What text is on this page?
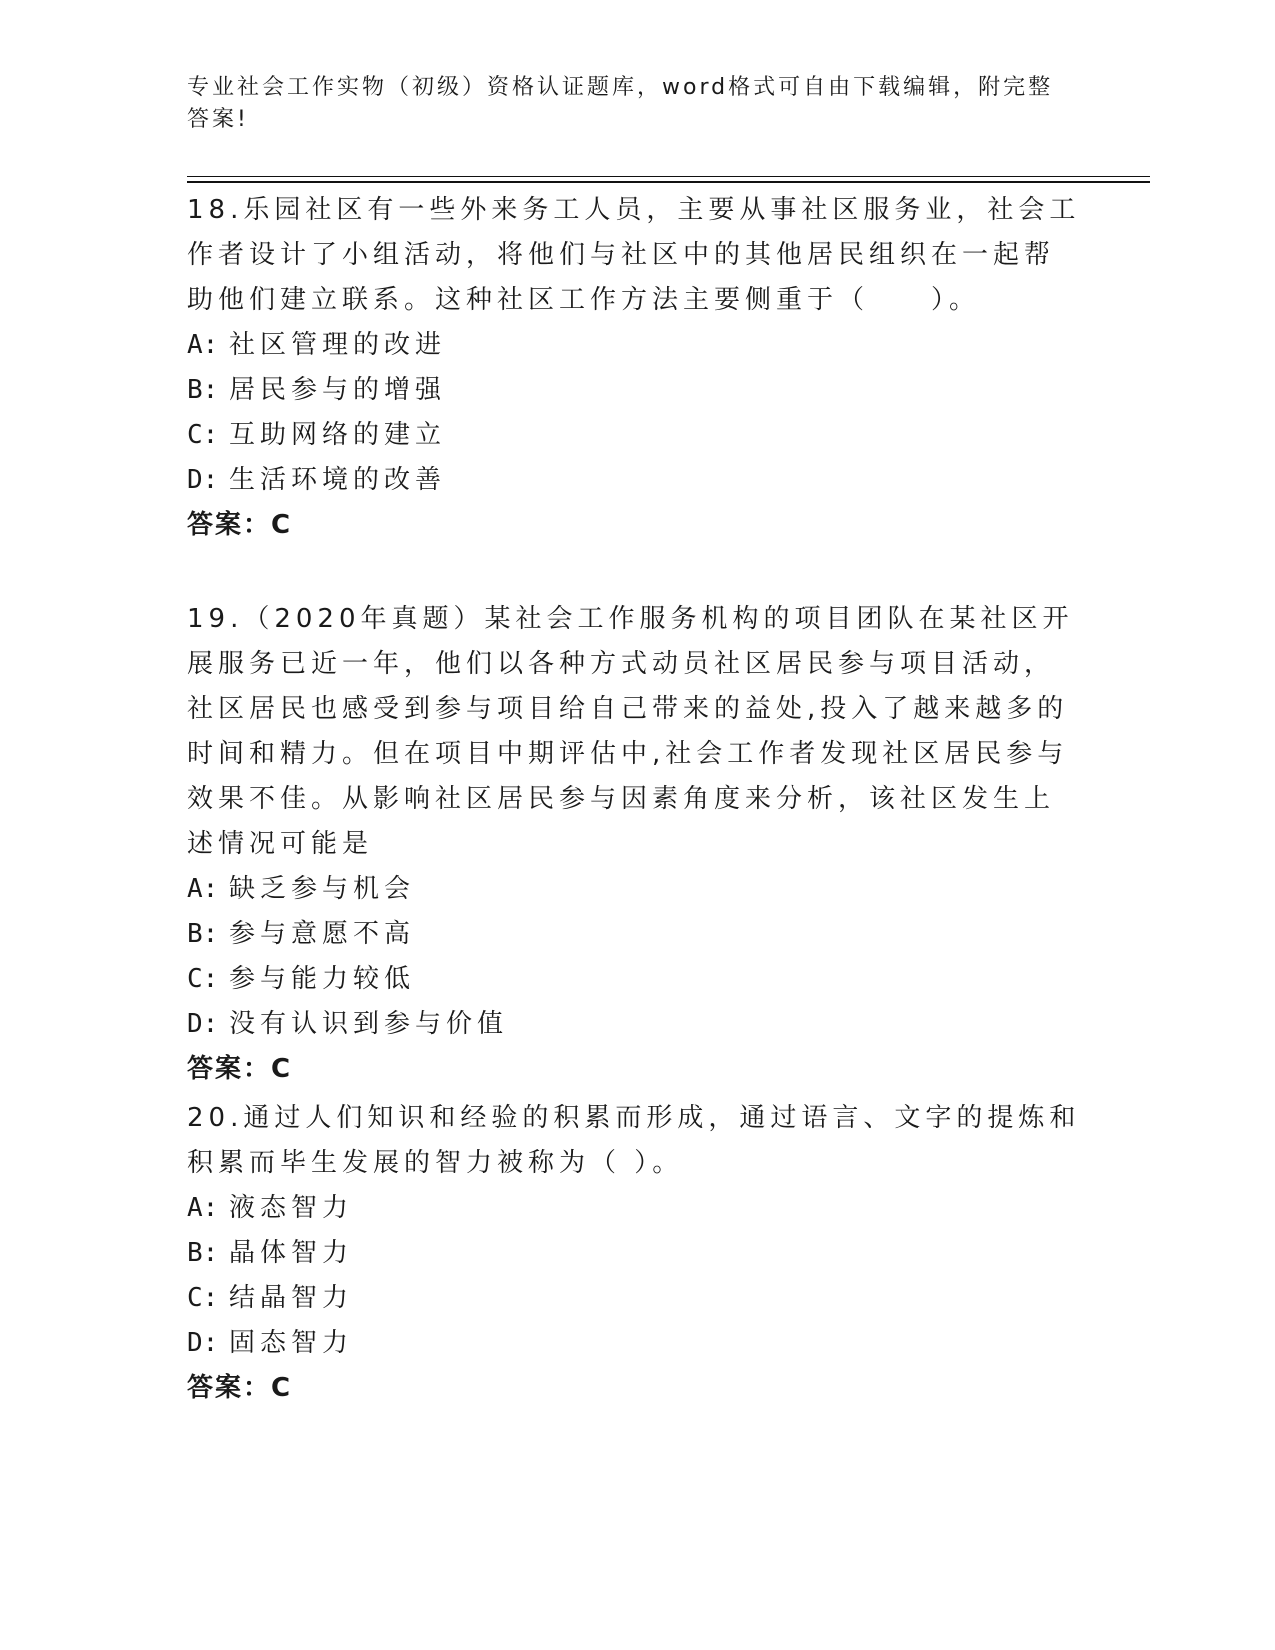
专业社会工作实物（初级）资格认证题库，word格式可自由下载编辑，附完整答案!

18.乐园社区有一些外来务工人员，主要从事社区服务业，社会工作者设计了小组活动，将他们与社区中的其他居民组织在一起帮助他们建立联系。这种社区工作方法主要侧重于（　　）。

A: 社区管理的改进
B: 居民参与的增强
C: 互助网络的建立
D: 生活环境的改善
答案：C

19.（2020年真题）某社会工作服务机构的项目团队在某社区开展服务已近一年，他们以各种方式动员社区居民参与项目活动，社区居民也感受到参与项目给自己带来的益处,投入了越来越多的时间和精力。但在项目中期评估中,社会工作者发现社区居民参与效果不佳。从影响社区居民参与因素角度来分析，该社区发生上述情况可能是

A: 缺乏参与机会
B: 参与意愿不高
C: 参与能力较低
D: 没有认识到参与价值
答案：C

20.通过人们知识和经验的积累而形成，通过语言、文字的提炼和积累而毕生发展的智力被称为（ ）。

A: 液态智力
B: 晶体智力
C: 结晶智力
D: 固态智力
答案：C
